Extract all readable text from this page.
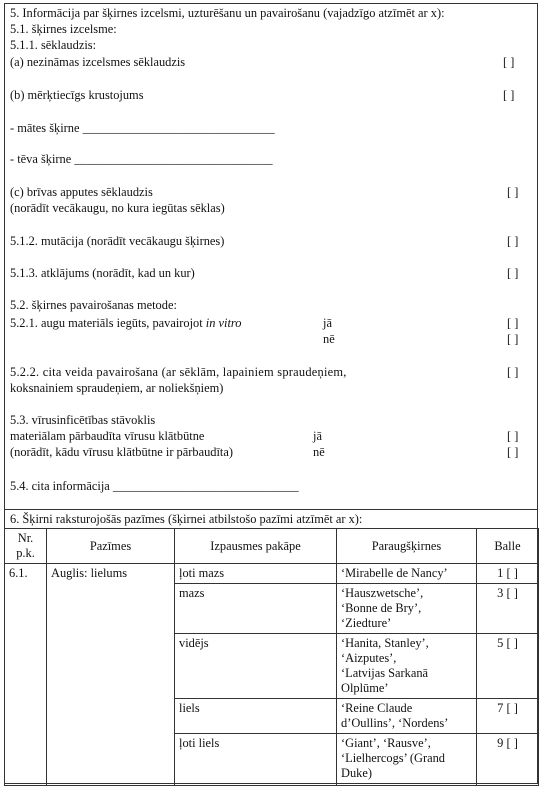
5. Informācija par šķirnes izcelsmi, uzturēšanu un pavairošanu (vajadzīgo atzīmēt ar x):
5.1. šķirnes izcelsme:
5.1.1. sēklaudzis:
(a) nezināmas izcelsmes sēklaudzis	[ ]
(b) mērķtiecīgs krustojums	[ ]
- mātes šķirne _______________________________
- tēva šķirne ________________________________
(c) brīvas apputes sēklaudzis	[ ]
(norādīt vecākaugu, no kura iegūtas sēklas)
5.1.2. mutācija (norādīt vecākaugu šķirnes)	[ ]
5.1.3. atklājums (norādīt, kad un kur)	[ ]
5.2. šķirnes pavairošanas metode:
5.2.1. augu materiāls iegūts, pavairojot in vitro	jā	[ ]
nē	[ ]
5.2.2. cita veida pavairošana (ar sēklām, lapainiem spraudeņiem,	[ ]
koksnainiem spraudeņiem, ar noliekšņiem)
5.3. vīrusinficētības stāvoklis
materiālam pārbaudīta vīrusu klātbūtne	jā	[ ]
(norādīt, kādu vīrusu klātbūtne ir pārbaudīta)	nē	[ ]
5.4. cita informācija ______________________________
6. Šķirni raksturojošās pazīmes (šķirnei atbilstošo pazīmi atzīmēt ar x):
Nr. p.k.	Pazīmes	Izpausmes pakāpe	Paraugšķirnes	Balle
6.1.	Auglis: lielums	ļoti mazs	‘Mirabelle de Nancy’	1 [ ]
		mazs	‘Hauszwetsche’,
‘Bonne de Bry’,
‘Ziedture’	3 [ ]
		vidējs	‘Hanita, Stanley’,
‘Aizputes’,
‘Latvijas Sarkanā
Olplūme’	5 [ ]
		liels	‘Reine Claude
d’Oullins’, ‘Nordens’	7 [ ]
		ļoti liels	‘Giant’, ‘Rausve’,
‘Lielhercogs’ (Grand
Duke)	9 [ ]
